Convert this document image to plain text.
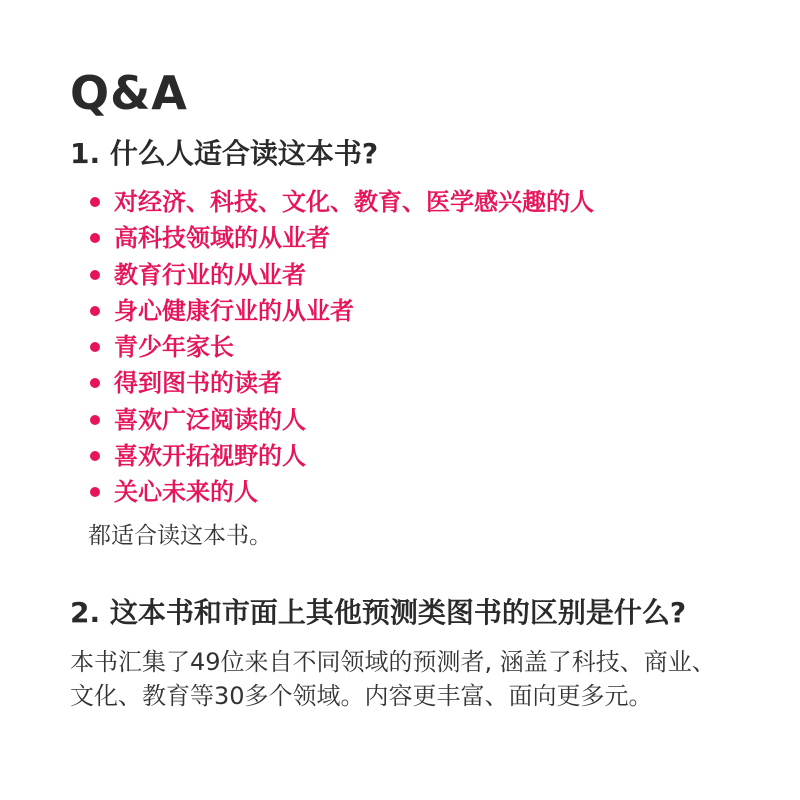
Q&A
1. 什么人适合读这本书?
对经济、科技、文化、教育、医学感兴趣的人
高科技领域的从业者
教育行业的从业者
身心健康行业的从业者
青少年家长
得到图书的读者
喜欢广泛阅读的人
喜欢开拓视野的人
关心未来的人
都适合读这本书。
2. 这本书和市面上其他预测类图书的区别是什么?
本书汇集了49位来自不同领域的预测者, 涵盖了科技、商业、文化、教育等30多个领域。内容更丰富、面向更多元。
